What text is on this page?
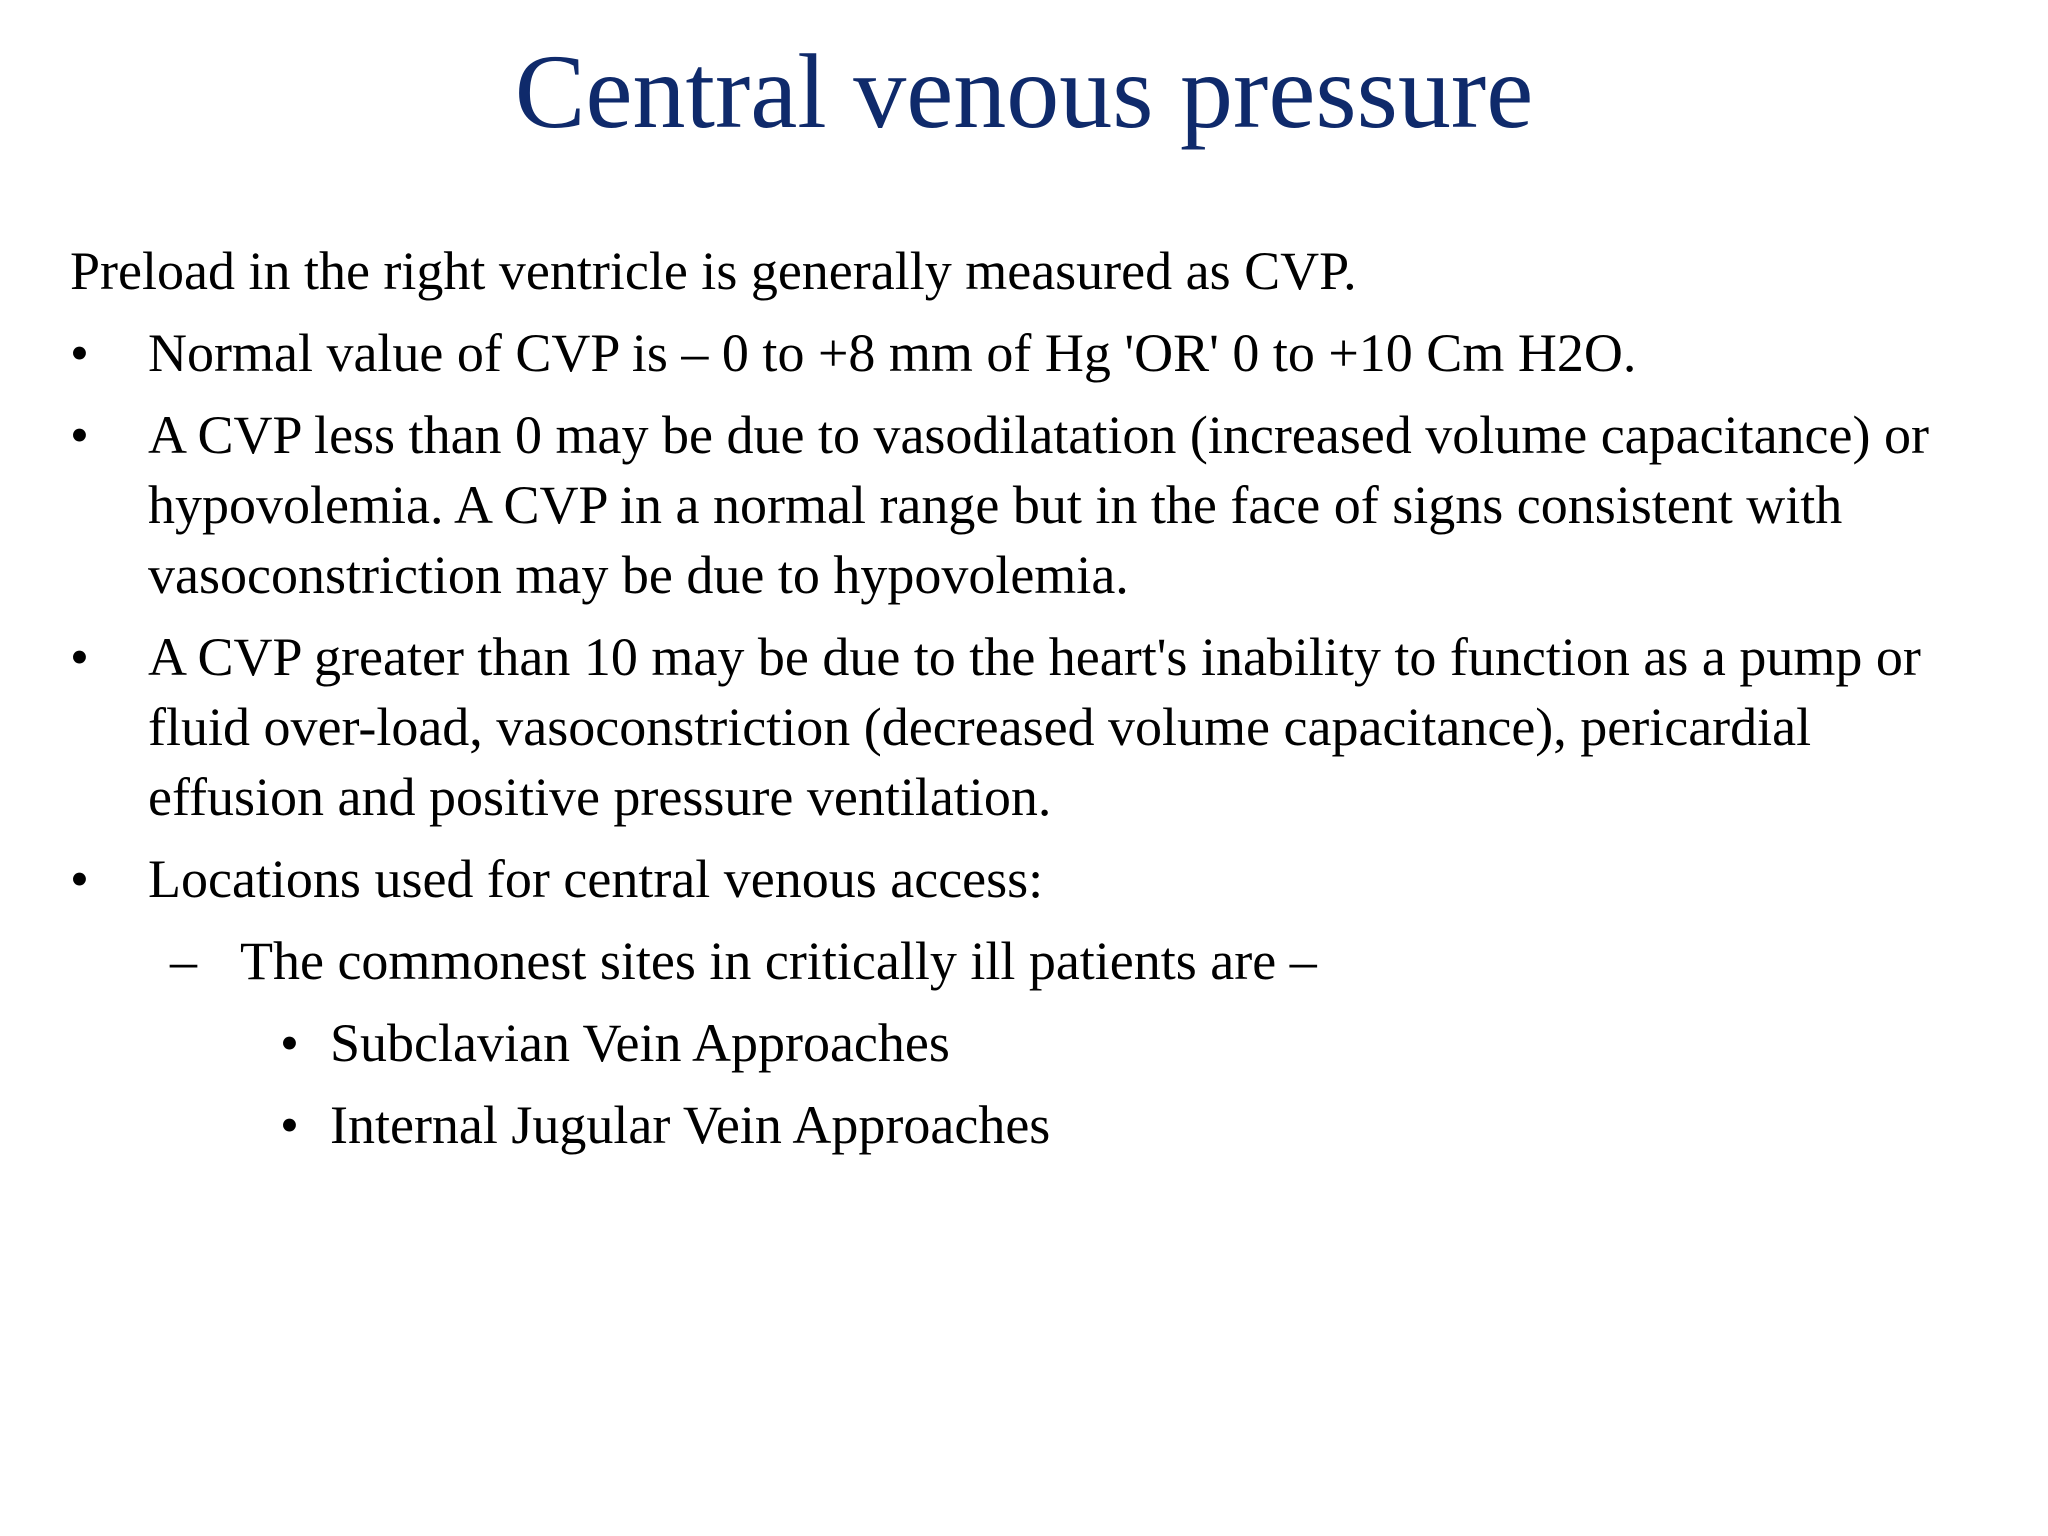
Central venous pressure

Preload in the right ventricle is generally measured as CVP.

• Normal value of CVP is – 0 to +8 mm of Hg 'OR' 0 to +10 Cm H2O.
• A CVP less than 0 may be due to vasodilatation (increased volume capacitance) or hypovolemia. A CVP in a normal range but in the face of signs consistent with vasoconstriction may be due to hypovolemia.
• A CVP greater than 10 may be due to the heart's inability to function as a pump or fluid over-load, vasoconstriction (decreased volume capacitance), pericardial effusion and positive pressure ventilation.
• Locations used for central venous access:
– The commonest sites in critically ill patients are –
• Subclavian Vein Approaches
• Internal Jugular Vein Approaches
